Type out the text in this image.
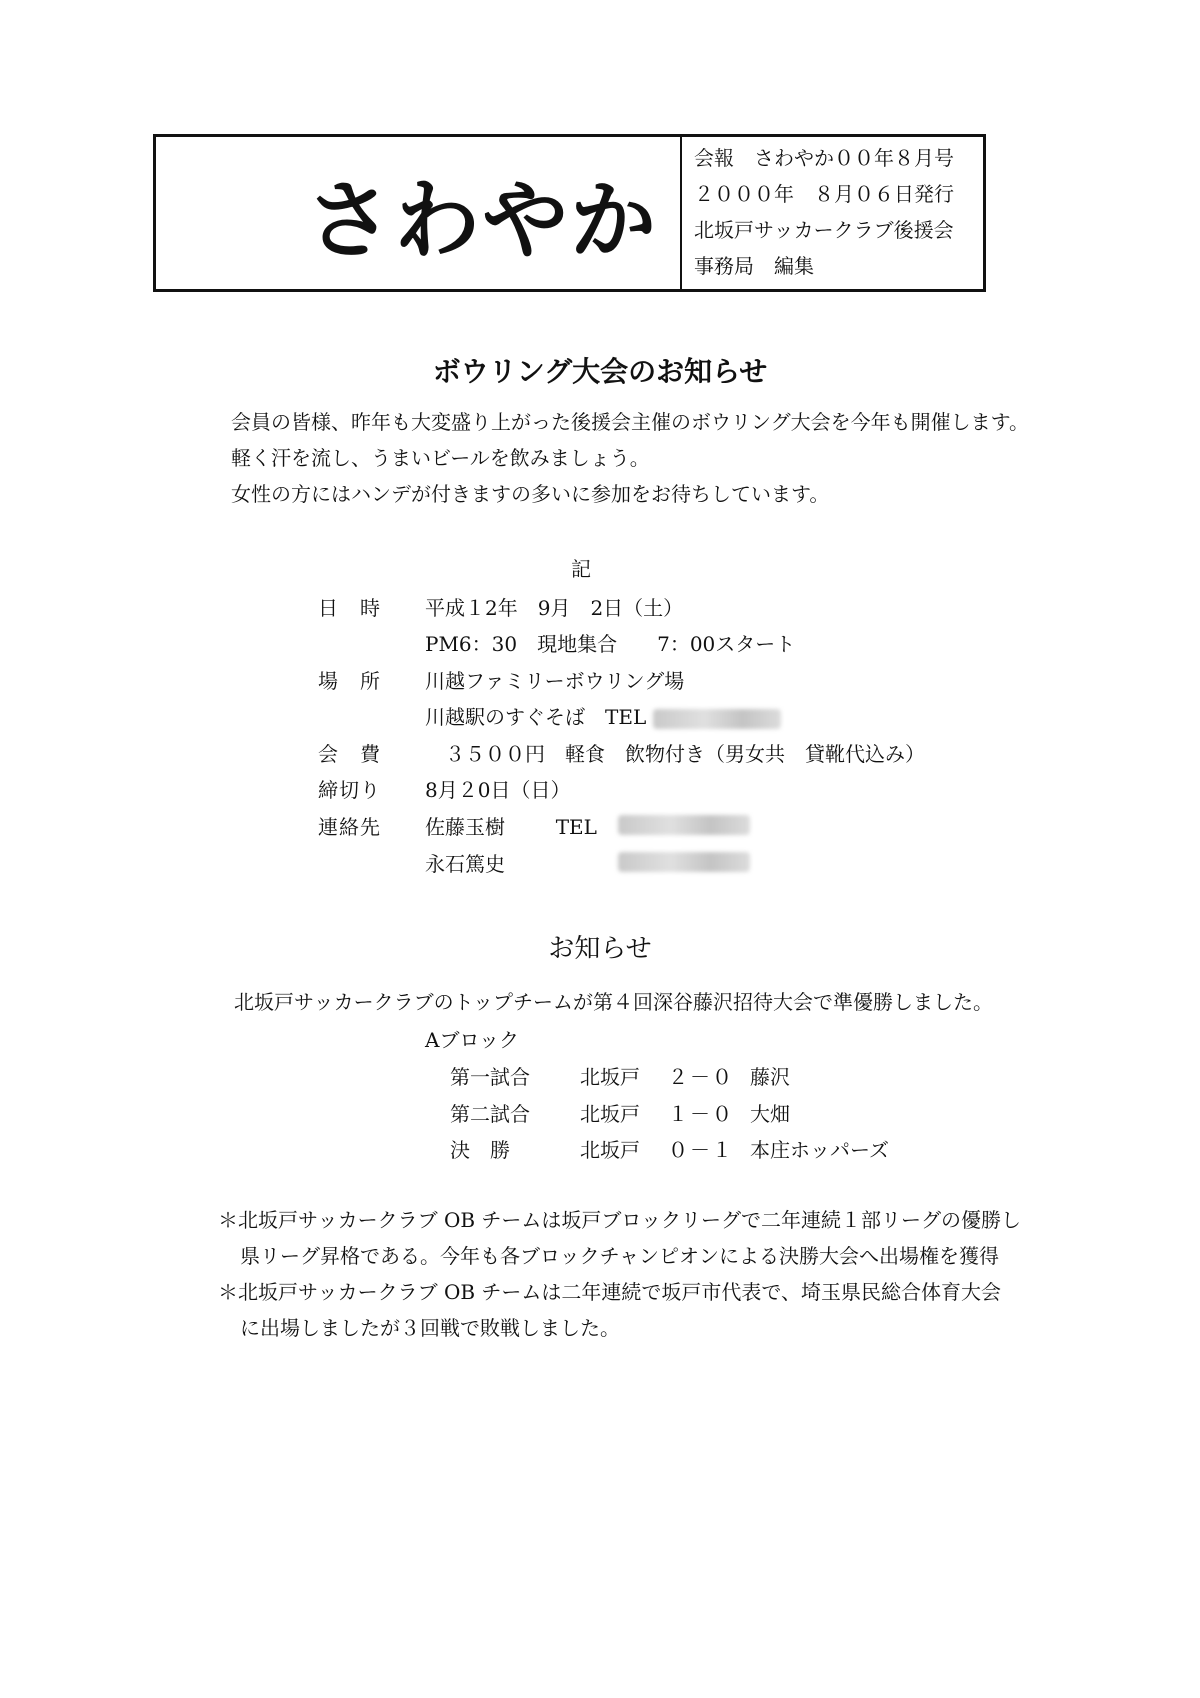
さわやか
会報　さわやか００年８月号
２０００年　８月０６日発行
北坂戸サッカークラブ後援会
事務局　編集
ボウリング大会のお知らせ
会員の皆様、昨年も大変盛り上がった後援会主催のボウリング大会を今年も開催します。
軽く汗を流し、うまいビールを飲みましょう。
女性の方にはハンデが付きますの多いに参加をお待ちしています。
記
日　時 平成１2年　9月　2日（土）
PM6：30　現地集合　　7：00スタート
場　所 川越ファミリーボウリング場
川越駅のすぐそば　TEL
会　費 　３５００円　軽食　飲物付き（男女共　貸靴代込み）
締切り 8月２0日（日）
連絡先 佐藤玉樹	TEL
永石篤史
お知らせ
北坂戸サッカークラブのトップチームが第４回深谷藤沢招待大会で準優勝しました。
Aブロック
第一試合	北坂戸 ２－０ 藤沢
第二試合	北坂戸 １－０ 大畑
決　勝	北坂戸 ０－１ 本庄ホッパーズ
＊北坂戸サッカークラブ OB チームは坂戸ブロックリーグで二年連続１部リーグの優勝し
県リーグ昇格である。今年も各ブロックチャンピオンによる決勝大会へ出場権を獲得
＊北坂戸サッカークラブ OB チームは二年連続で坂戸市代表で、埼玉県民総合体育大会
に出場しましたが３回戦で敗戦しました。
